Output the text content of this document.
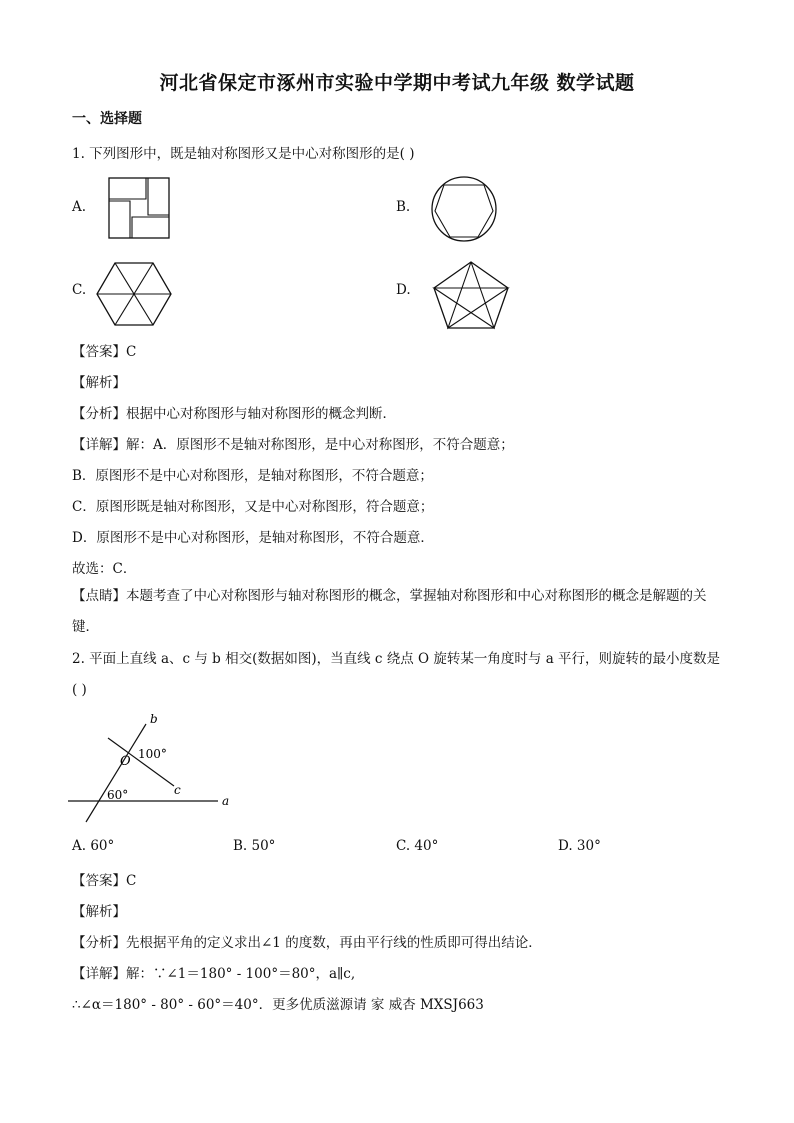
河北省保定市涿州市实验中学期中考试九年级 数学试题
一、选择题
1. 下列图形中，既是轴对称图形又是中心对称图形的是( )
A.	B.
C.	D.
【答案】C
【解析】
【分析】根据中心对称图形与轴对称图形的概念判断．
【详解】解：A．原图形不是轴对称图形，是中心对称图形，不符合题意；
B．原图形不是中心对称图形，是轴对称图形，不符合题意；
C．原图形既是轴对称图形，又是中心对称图形，符合题意；
D．原图形不是中心对称图形，是轴对称图形，不符合题意．
故选：C．
【点睛】本题考查了中心对称图形与轴对称图形的概念，掌握轴对称图形和中心对称图形的概念是解题的关键．
2. 平面上直线 a、c 与 b 相交(数据如图)，当直线 c 绕点 O 旋转某一角度时与 a 平行，则旋转的最小度数是( )
b
O 100°
c
60°	a
A. 60°	B. 50°	C. 40°	D. 30°
【答案】C
【解析】
【分析】先根据平角的定义求出∠1 的度数，再由平行线的性质即可得出结论．
【详解】解：∵∠1＝180° - 100°＝80°，a∥c,
∴∠α＝180° - 80° - 60°＝40°．更多优质滋源请 家 威杏 MXSJ663
